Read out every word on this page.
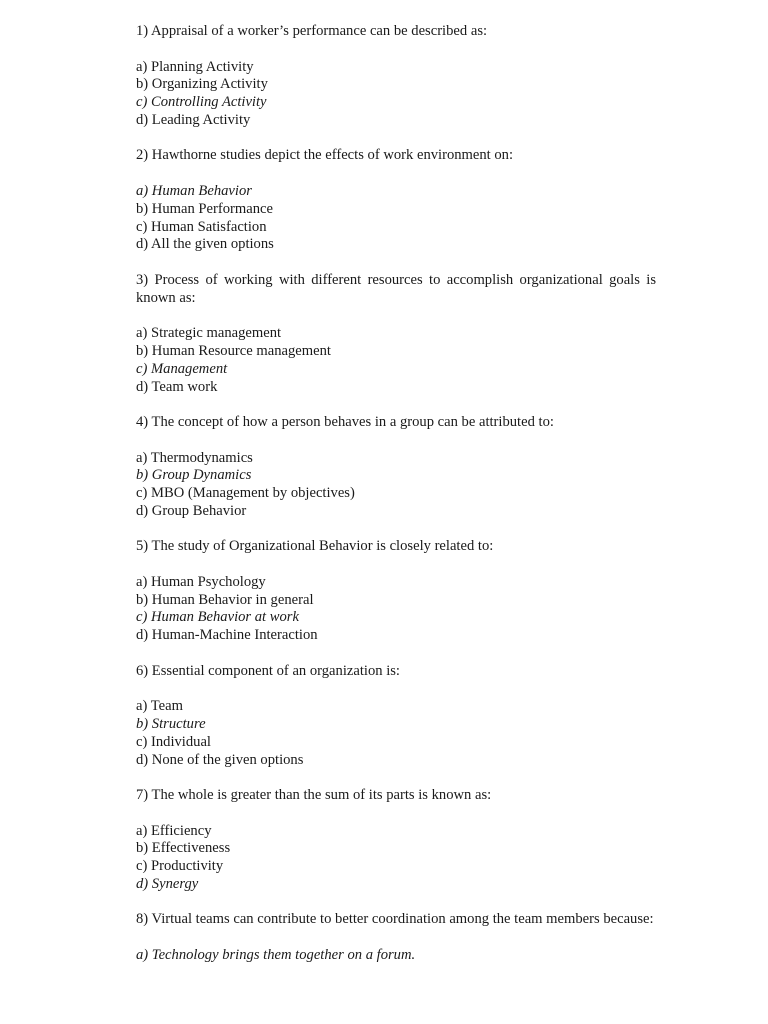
1) Appraisal of a worker’s performance can be described as:

a) Planning Activity

b) Organizing Activity

c) Controlling Activity

d) Leading Activity

2) Hawthorne studies depict the effects of work environment on:

a) Human Behavior

b) Human Performance

c) Human Satisfaction

d) All the given options

3) Process of working with different resources to accomplish organizational goals is known as:

a) Strategic management

b) Human Resource management

c) Management

d) Team work

4) The concept of how a person behaves in a group can be attributed to:

a) Thermodynamics

b) Group Dynamics

c) MBO (Management by objectives)

d) Group Behavior

5) The study of Organizational Behavior is closely related to:

a) Human Psychology

b) Human Behavior in general

c) Human Behavior at work

d) Human-Machine Interaction

6) Essential component of an organization is:

a) Team

b) Structure

c) Individual

d) None of the given options

7) The whole is greater than the sum of its parts is known as:

a) Efficiency

b) Effectiveness

c) Productivity

d) Synergy

8) Virtual teams can contribute to better coordination among the team members because:

a) Technology brings them together on a forum.
